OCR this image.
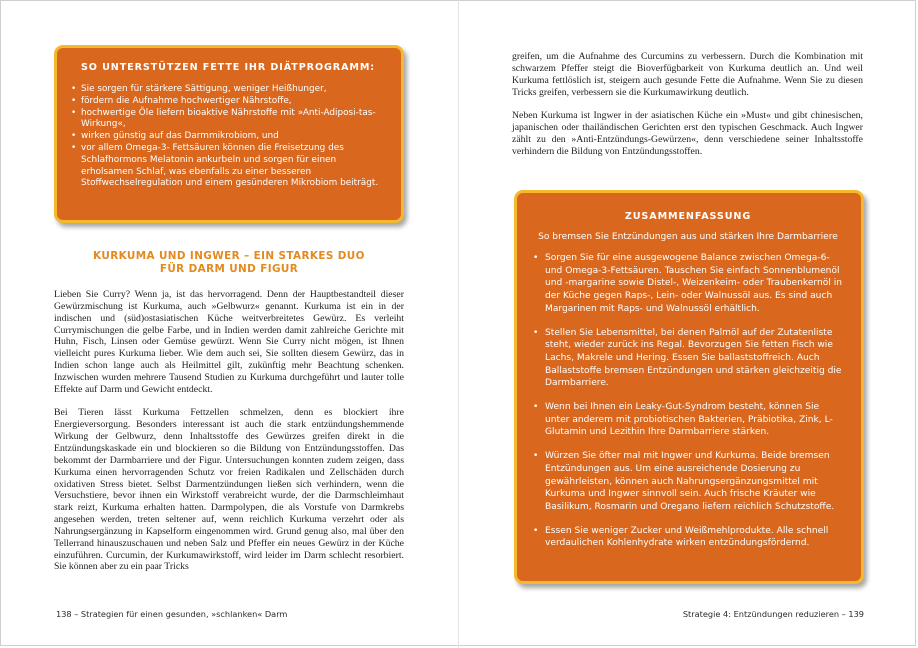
SO UNTERSTÜTZEN FETTE IHR DIÄTPROGRAMM:
• Sie sorgen für stärkere Sättigung, weniger Heißhunger,
• fördern die Aufnahme hochwertiger Nährstoffe,
• hochwertige Öle liefern bioaktive Nährstoffe mit »Anti-Adiposi-tas-Wirkung«,
• wirken günstig auf das Darmmikrobiom, und
• vor allem Omega-3- Fettsäuren können die Freisetzung des Schlafhormons Melatonin ankurbeln und sorgen für einen erholsamen Schlaf, was ebenfalls zu einer besseren Stoffwechselregulation und einem gesünderen Mikrobiom beiträgt.
KURKUMA UND INGWER – EIN STARKES DUO
FÜR DARM UND FIGUR

Lieben Sie Curry? Wenn ja, ist das hervorragend. Denn der Hauptbestandteil dieser Gewürzmischung ist Kurkuma, auch »Gelbwurz« genannt. Kurkuma ist ein in der indischen und (süd)ostasiatischen Küche weitverbreitetes Gewürz. Es verleiht Currymischungen die gelbe Farbe, und in Indien werden damit zahlreiche Gerichte mit Huhn, Fisch, Linsen oder Gemüse gewürzt. Wenn Sie Curry nicht mögen, ist Ihnen vielleicht pures Kurkuma lieber. Wie dem auch sei, Sie sollten diesem Gewürz, das in Indien schon lange auch als Heilmittel gilt, zukünftig mehr Beachtung schenken. Inzwischen wurden mehrere Tausend Studien zu Kurkuma durchgeführt und lauter tolle Effekte auf Darm und Gewicht entdeckt.

Bei Tieren lässt Kurkuma Fettzellen schmelzen, denn es blockiert ihre Energieversorgung. Besonders interessant ist auch die stark entzündungshemmende Wirkung der Gelbwurz, denn Inhaltsstoffe des Gewürzes greifen direkt in die Entzündungskaskade ein und blockieren so die Bildung von Entzündungsstoffen. Das bekommt der Darmbarriere und der Figur. Untersuchungen konnten zudem zeigen, dass Kurkuma einen hervorragenden Schutz vor freien Radikalen und Zellschäden durch oxidativen Stress bietet. Selbst Darmentzündungen ließen sich verhindern, wenn die Versuchstiere, bevor ihnen ein Wirkstoff verabreicht wurde, der die Darmschleimhaut stark reizt, Kurkuma erhalten hatten. Darmpolypen, die als Vorstufe von Darmkrebs angesehen werden, treten seltener auf, wenn reichlich Kurkuma verzehrt oder als Nahrungsergänzung in Kapselform eingenommen wird. Grund genug also, mal über den Tellerrand hinauszuschauen und neben Salz und Pfeffer ein neues Gewürz in der Küche einzuführen. Curcumin, der Kurkumawirkstoff, wird leider im Darm schlecht resorbiert. Sie können aber zu ein paar Tricks

138 – Strategien für einen gesunden, »schlanken« Darm

greifen, um die Aufnahme des Curcumins zu verbessern. Durch die Kombination mit schwarzem Pfeffer steigt die Bioverfügbarkeit von Kurkuma deutlich an. Und weil Kurkuma fettlöslich ist, steigern auch gesunde Fette die Aufnahme. Wenn Sie zu diesen Tricks greifen, verbessern sie die Kurkumawirkung deutlich.

Neben Kurkuma ist Ingwer in der asiatischen Küche ein »Must« und gibt chinesischen, japanischen oder thailändischen Gerichten erst den typischen Geschmack. Auch Ingwer zählt zu den »Anti-Entzündungs-Gewürzen«, denn verschiedene seiner Inhaltsstoffe verhindern die Bildung von Entzündungsstoffen.

ZUSAMMENFASSUNG
So bremsen Sie Entzündungen aus und stärken Ihre Darmbarriere
• Sorgen Sie für eine ausgewogene Balance zwischen Omega-6- und Omega-3-Fettsäuren. Tauschen Sie einfach Sonnenblumenöl und -margarine sowie Distel-, Weizenkeim- oder Traubenkernöl in der Küche gegen Raps-, Lein- oder Walnussöl aus. Es sind auch Margarinen mit Raps- und Walnussöl erhältlich.
• Stellen Sie Lebensmittel, bei denen Palmöl auf der Zutatenliste steht, wieder zurück ins Regal. Bevorzugen Sie fetten Fisch wie Lachs, Makrele und Hering. Essen Sie ballaststoffreich. Auch Ballaststoffe bremsen Entzündungen und stärken gleichzeitig die Darmbarriere.
• Wenn bei Ihnen ein Leaky-Gut-Syndrom besteht, können Sie unter anderem mit probiotischen Bakterien, Präbiotika, Zink, L-Glutamin und Lezithin Ihre Darmbarriere stärken.
• Würzen Sie öfter mal mit Ingwer und Kurkuma. Beide bremsen Entzündungen aus. Um eine ausreichende Dosierung zu gewährleisten, können auch Nahrungsergänzungsmittel mit Kurkuma und Ingwer sinnvoll sein. Auch frische Kräuter wie Basilikum, Rosmarin und Oregano liefern reichlich Schutzstoffe.
• Essen Sie weniger Zucker und Weißmehlprodukte. Alle schnell verdaulichen Kohlenhydrate wirken entzündungsfördernd.
Strategie 4: Entzündungen reduzieren – 139
